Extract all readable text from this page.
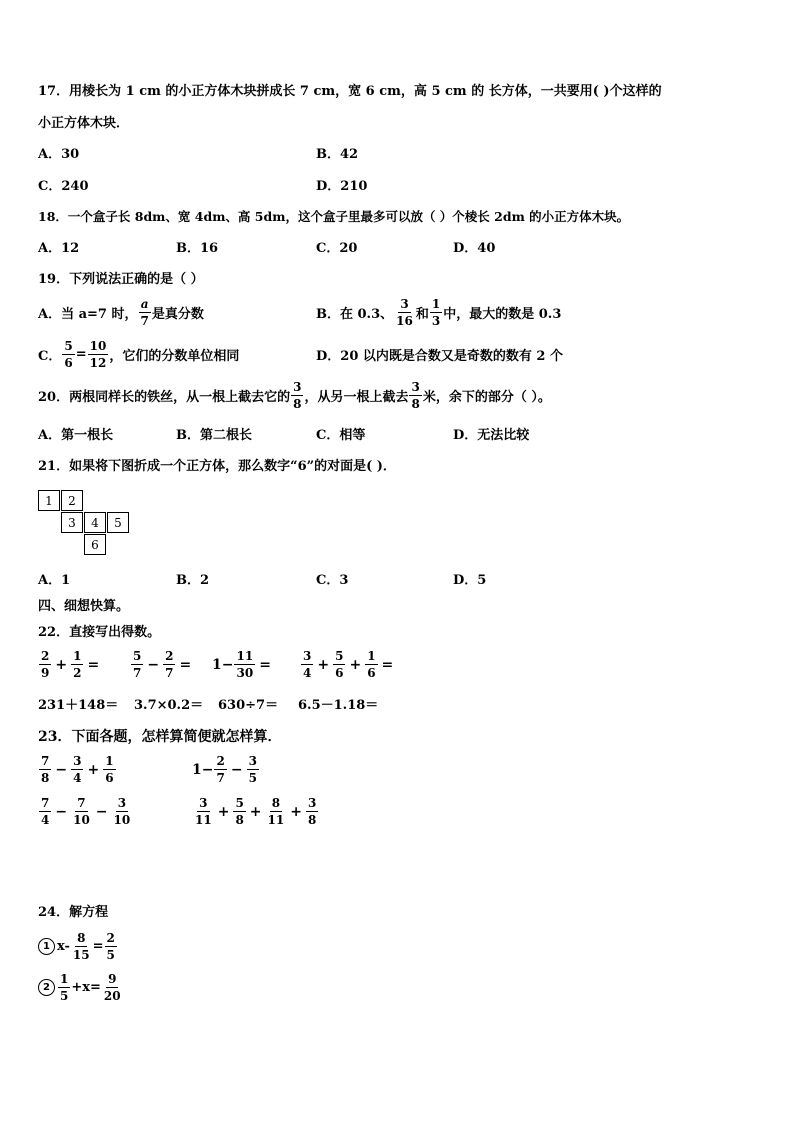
17．用棱长为 1 cm 的小正方体木块拼成长 7 cm，宽 6 cm，高 5 cm 的 长方体，一共要用( )个这样的
小正方体木块．
A．30	B．42
C．240	D．210
18．一个盒子长 8dm、宽 4dm、高 5dm，这个盒子里最多可以放（ ）个棱长 2dm 的小正方体木块。
A．12	B．16	C．20	D．40
19．下列说法正确的是（ ）
A．当 a=7 时， $\frac{a}{7}$ 是真分数	B．在 0.3、 $\frac{3}{16}$ 和 $\frac{1}{3}$ 中，最大的数是 0.3
C． $\frac{5}{6} = \frac{10}{12}$ ，它们的分数单位相同	D．20 以内既是合数又是奇数的数有 2 个
20．两根同样长的铁丝，从一根上截去它的 $\frac{3}{8}$ ，从另一根上截去 $\frac{3}{8}$ 米，余下的部分（ ）。
A．第一根长	B．第二根长	C．相等	D．无法比较
21．如果将下图折成一个正方体，那么数字“6”的对面是( )．
1	2
3	4	5
6
A．1	B．2	C．3	D．5
四、细想快算。
22．直接写出得数。
$\frac{2}{9} + \frac{1}{2}$ =	$\frac{5}{7} - \frac{2}{7} = 1- \frac{11}{30}$ =	$\frac{3}{4} + \frac{5}{6} + \frac{1}{6}$ =
231＋148＝ 3.7×0.2＝ 630÷7＝ 6.5－1.18＝
23．下面各题，怎样算简便就怎样算．
$\frac{7}{8} - \frac{3}{4} + \frac{1}{6}$	$1- \frac{2}{7} - \frac{3}{5}$
$\frac{7}{4} - \frac{7}{10} - \frac{3}{10}$	$\frac{3}{11} + \frac{5}{8} + \frac{8}{11} + \frac{3}{8}$
24．解方程
1 $x- \frac{8}{15} = \frac{2}{5}$
$2 \frac{1}{5} +x= \frac{9}{20}$
